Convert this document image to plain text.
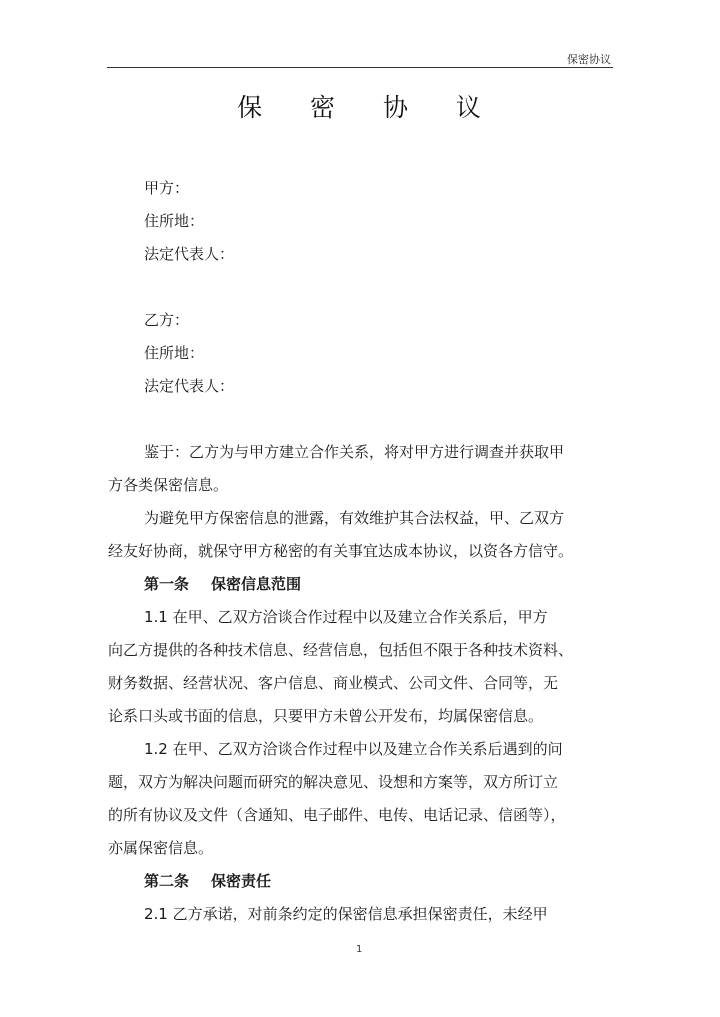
保密协议
保 密 协 议
甲方：
住所地：
法定代表人：
乙方：
住所地：
法定代表人：
鉴于：乙方为与甲方建立合作关系，将对甲方进行调查并获取甲
方各类保密信息。
为避免甲方保密信息的泄露，有效维护其合法权益，甲、乙双方
经友好协商，就保守甲方秘密的有关事宜达成本协议，以资各方信守。
第一条 保密信息范围
1.1 在甲、乙双方洽谈合作过程中以及建立合作关系后，甲方
向乙方提供的各种技术信息、经营信息，包括但不限于各种技术资料、
财务数据、经营状况、客户信息、商业模式、公司文件、合同等，无
论系口头或书面的信息，只要甲方未曾公开发布，均属保密信息。
1.2 在甲、乙双方洽谈合作过程中以及建立合作关系后遇到的问
题，双方为解决问题而研究的解决意见、设想和方案等，双方所订立
的所有协议及文件（含通知、电子邮件、电传、电话记录、信函等），
亦属保密信息。
第二条 保密责任
2.1 乙方承诺，对前条约定的保密信息承担保密责任，未经甲
1
